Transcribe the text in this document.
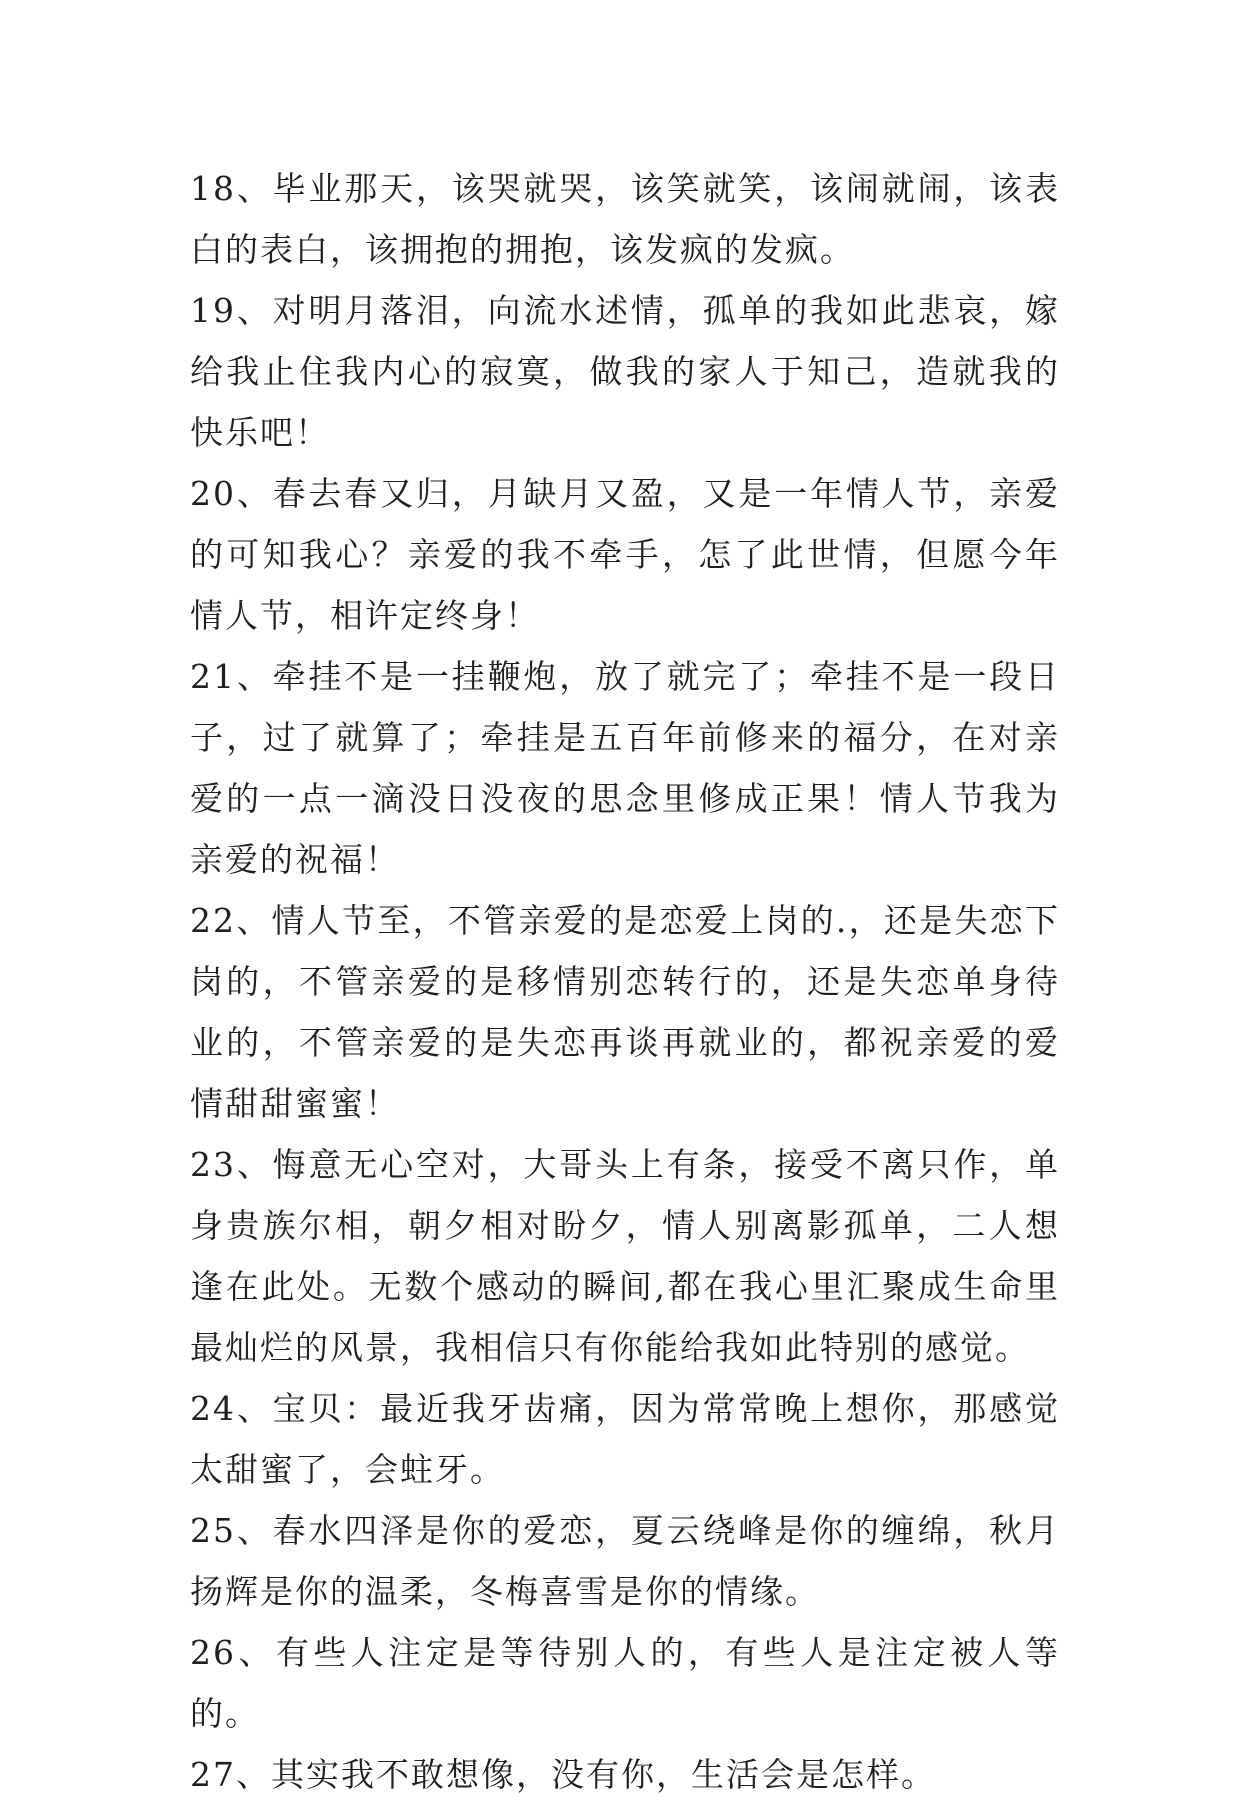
18、毕业那天，该哭就哭，该笑就笑，该闹就闹，该表白的表白，该拥抱的拥抱，该发疯的发疯。

19、对明月落泪，向流水述情，孤单的我如此悲哀，嫁给我止住我内心的寂寞，做我的家人于知己，造就我的快乐吧！

20、春去春又归，月缺月又盈，又是一年情人节，亲爱的可知我心？亲爱的我不牵手，怎了此世情，但愿今年情人节，相许定终身！

21、牵挂不是一挂鞭炮，放了就完了；牵挂不是一段日子，过了就算了；牵挂是五百年前修来的福分，在对亲爱的一点一滴没日没夜的思念里修成正果！情人节我为亲爱的祝福！

22、情人节至，不管亲爱的是恋爱上岗的.，还是失恋下岗的，不管亲爱的是移情别恋转行的，还是失恋单身待业的，不管亲爱的是失恋再谈再就业的，都祝亲爱的爱情甜甜蜜蜜！

23、悔意无心空对，大哥头上有条，接受不离只作，单身贵族尔相，朝夕相对盼夕，情人别离影孤单，二人想逢在此处。无数个感动的瞬间,都在我心里汇聚成生命里最灿烂的风景，我相信只有你能给我如此特别的感觉。

24、宝贝：最近我牙齿痛，因为常常晚上想你，那感觉太甜蜜了，会蛀牙。

25、春水四泽是你的爱恋，夏云绕峰是你的缠绵，秋月扬辉是你的温柔，冬梅喜雪是你的情缘。

26、有些人注定是等待别人的，有些人是注定被人等的。

27、其实我不敢想像，没有你，生活会是怎样。
